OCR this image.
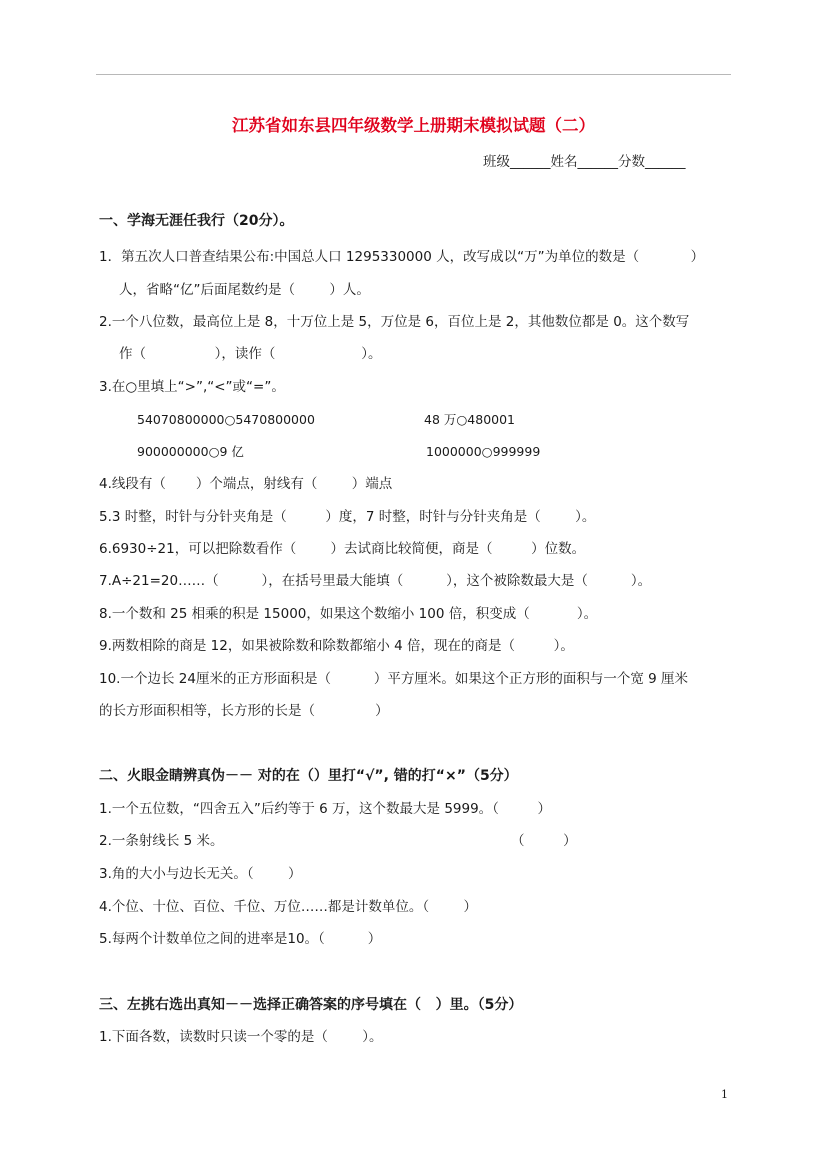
江苏省如东县四年级数学上册期末模拟试题（二）
班级______姓名______分数______
一、学海无涯任我行（20分）。
1．第五次人口普查结果公布:中国总人口 1295330000 人，改写成以“万”为单位的数是（            ）
人，省略“亿”后面尾数约是（        ）人。
2.一个八位数，最高位上是 8，十万位上是 5，万位是 6，百位上是 2，其他数位都是 0。这个数写
作（                ），读作（                    ）。
3.在○里填上“>”,“<”或“=”。
54070800000○5470800000	48 万○480001
900000000○9 亿	1000000○999999
4.线段有（       ）个端点，射线有（        ）端点
5.3 时整，时针与分针夹角是（         ）度，7 时整，时针与分针夹角是（        ）。
6.6930÷21，可以把除数看作（        ）去试商比较简便，商是（         ）位数。
7.A÷21=20……（          ），在括号里最大能填（          ），这个被除数最大是（          ）。
8.一个数和 25 相乘的积是 15000，如果这个数缩小 100 倍，积变成（           ）。
9.两数相除的商是 12，如果被除数和除数都缩小 4 倍，现在的商是（         ）。
10.一个边长 24厘米的正方形面积是（          ）平方厘米。如果这个正方形的面积与一个宽 9 厘米
的长方形面积相等，长方形的长是（              ）
二、火眼金睛辨真伪－－ 对的在（）里打“√”, 错的打“×”（5分）
1.一个五位数，“四舍五入”后约等于 6 万，这个数最大是 5999。（         ）
2.一条射线长 5 米。	（         ）
3.角的大小与边长无关。（        ）
4.个位、十位、百位、千位、万位……都是计数单位。（        ）
5.每两个计数单位之间的进率是10。（          ）
三、左挑右选出真知－－选择正确答案的序号填在（   ）里。（5分）
1.下面各数，读数时只读一个零的是（        ）。
1
